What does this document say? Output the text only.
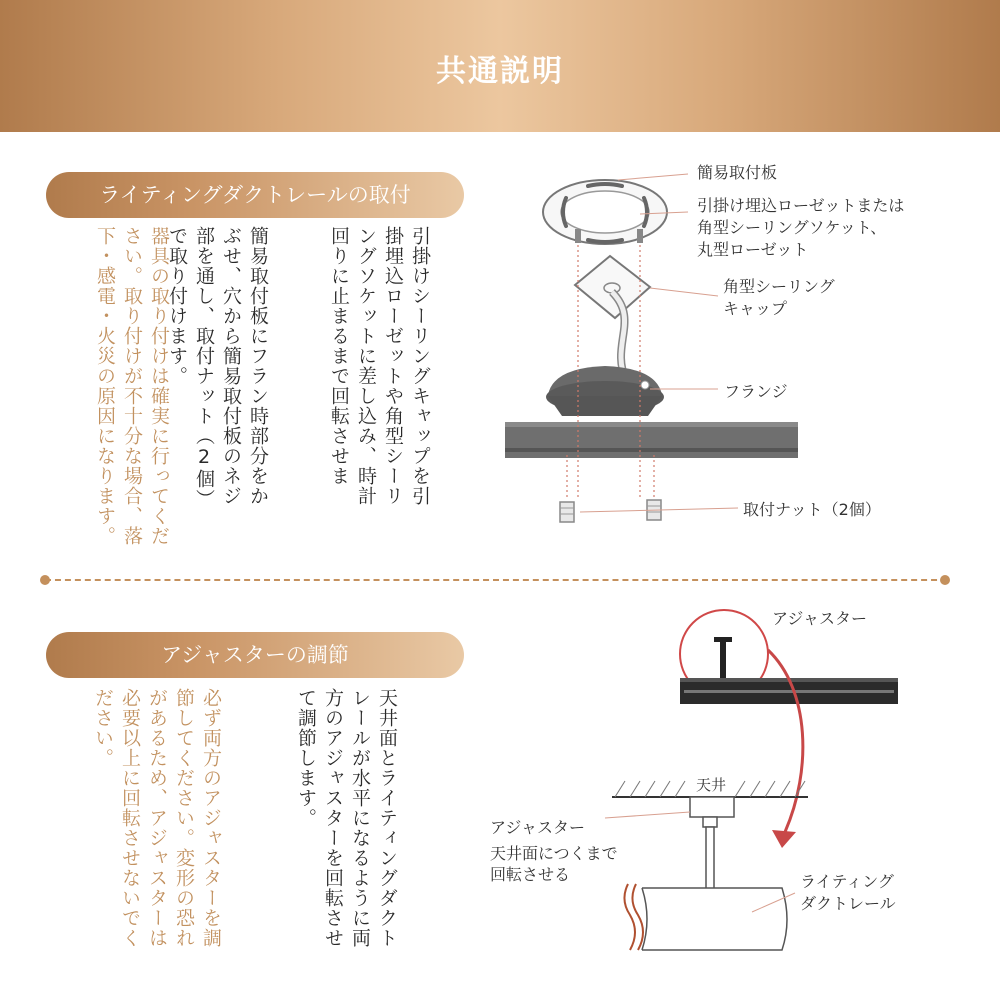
共通説明
ライティングダクトレールの取付
引掛けシーリングキャップを引掛埋込ローゼットや角型シーリングソケットに差し込み、時計回りに止まるまで回転させま
簡易取付板にフラン時部分をかぶせ、穴から簡易取付板のネジ部を通し、取付ナット（2個）で取り付けます。
器具の取り付けは確実に行ってください。取り付けが不十分な場合、落下・感電・火災の原因になります。
簡易取付板
引掛け埋込ローゼットまたは
角型シーリングソケット、
丸型ローゼット
角型シーリング
キャップ
フランジ
取付ナット（2個）
アジャスターの調節
天井面とライティングダクトレールが水平になるように両方のアジャスターを回転させて調節します。
必ず両方のアジャスターを調節してください。変形の恐れがあるため、アジャスターは必要以上に回転させないでください。
アジャスター
天井
アジャスター
天井面につくまで
回転させる	ライティング
ダクトレール
